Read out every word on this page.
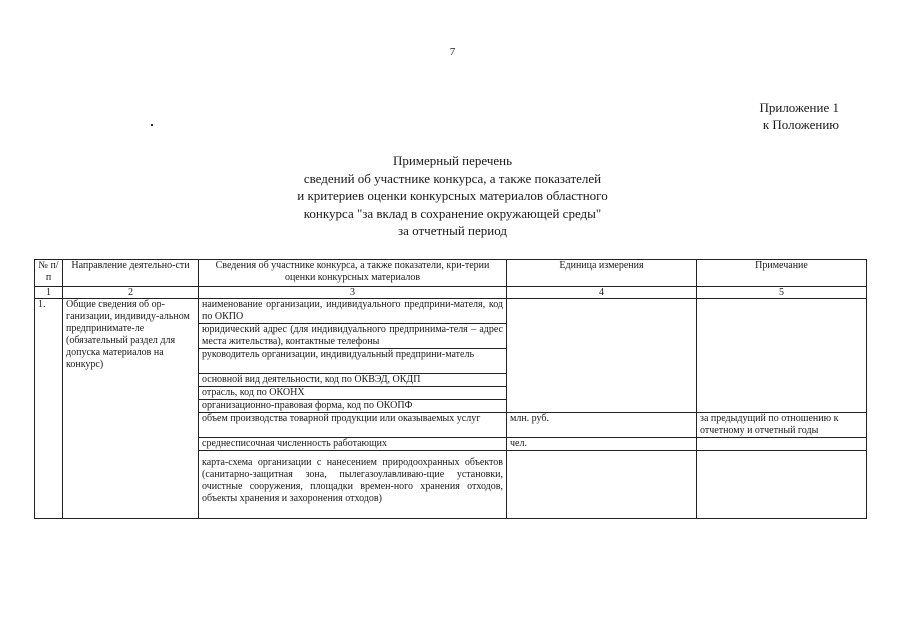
7
Приложение 1
к Положению
Примерный перечень
сведений об участнике конкурса, а также показателей
и критериев оценки конкурсных материалов областного
конкурса "за вклад в сохранение окружающей среды"
за отчетный период
№ п/п	Направление деятельно-сти	Сведения об участнике конкурса, а также показатели, кри-терии оценки конкурсных материалов	Единица измерения	Примечание
1	2	3	4	5
1.	Общие сведения об ор-ганизации, индивиду-альном предпринимате-ле (обязательный раздел для допуска материалов на конкурс)	наименование организации, индивидуального предприни-мателя, код по ОКПО		
		юридический адрес (для индивидуального предпринима-теля – адрес места жительства), контактные телефоны		
		руководитель организации, индивидуальный предприни-матель		
		основной вид деятельности, код по ОКВЭД, ОКДП		
		отрасль, код по ОКОНХ		
		организационно-правовая форма, код по ОКОПФ		
		объем производства товарной продукции или оказываемых услуг	млн. руб.	за предыдущий по отношению к отчетному и отчетный годы
		среднесписочная численность работающих	чел.	
		карта-схема организации с нанесением природоохранных объектов (санитарно-защитная зона, пылегазоулавливаю-щие установки, очистные сооружения, площадки времен-ного хранения отходов, объекты хранения и захоронения отходов)		
